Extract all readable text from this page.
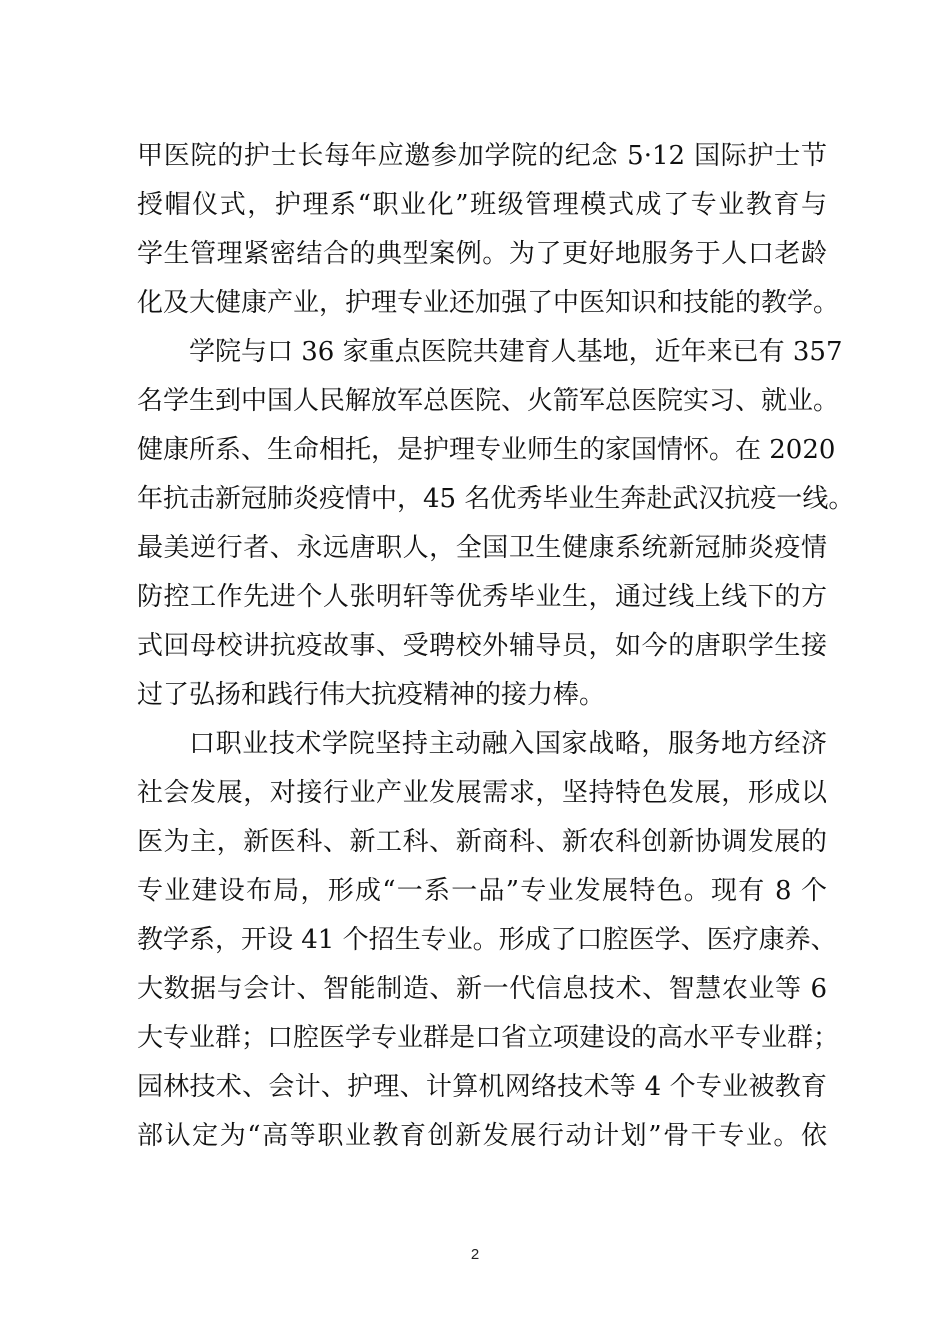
甲医院的护士长每年应邀参加学院的纪念 5·12 国际护士节
授帽仪式，护理系“职业化”班级管理模式成了专业教育与
学生管理紧密结合的典型案例。为了更好地服务于人口老龄
化及大健康产业，护理专业还加强了中医知识和技能的教学。
学院与口 36 家重点医院共建育人基地，近年来已有 357
名学生到中国人民解放军总医院、火箭军总医院实习、就业。
健康所系、生命相托，是护理专业师生的家国情怀。在 2020
年抗击新冠肺炎疫情中，45 名优秀毕业生奔赴武汉抗疫一线。
最美逆行者、永远唐职人，全国卫生健康系统新冠肺炎疫情
防控工作先进个人张明轩等优秀毕业生，通过线上线下的方
式回母校讲抗疫故事、受聘校外辅导员，如今的唐职学生接
过了弘扬和践行伟大抗疫精神的接力棒。
口职业技术学院坚持主动融入国家战略，服务地方经济
社会发展，对接行业产业发展需求，坚持特色发展，形成以
医为主，新医科、新工科、新商科、新农科创新协调发展的
专业建设布局，形成“一系一品”专业发展特色。现有 8 个
教学系，开设 41 个招生专业。形成了口腔医学、医疗康养、
大数据与会计、智能制造、新一代信息技术、智慧农业等 6
大专业群；口腔医学专业群是口省立项建设的高水平专业群；
园林技术、会计、护理、计算机网络技术等 4 个专业被教育
部认定为“高等职业教育创新发展行动计划”骨干专业。依
2
